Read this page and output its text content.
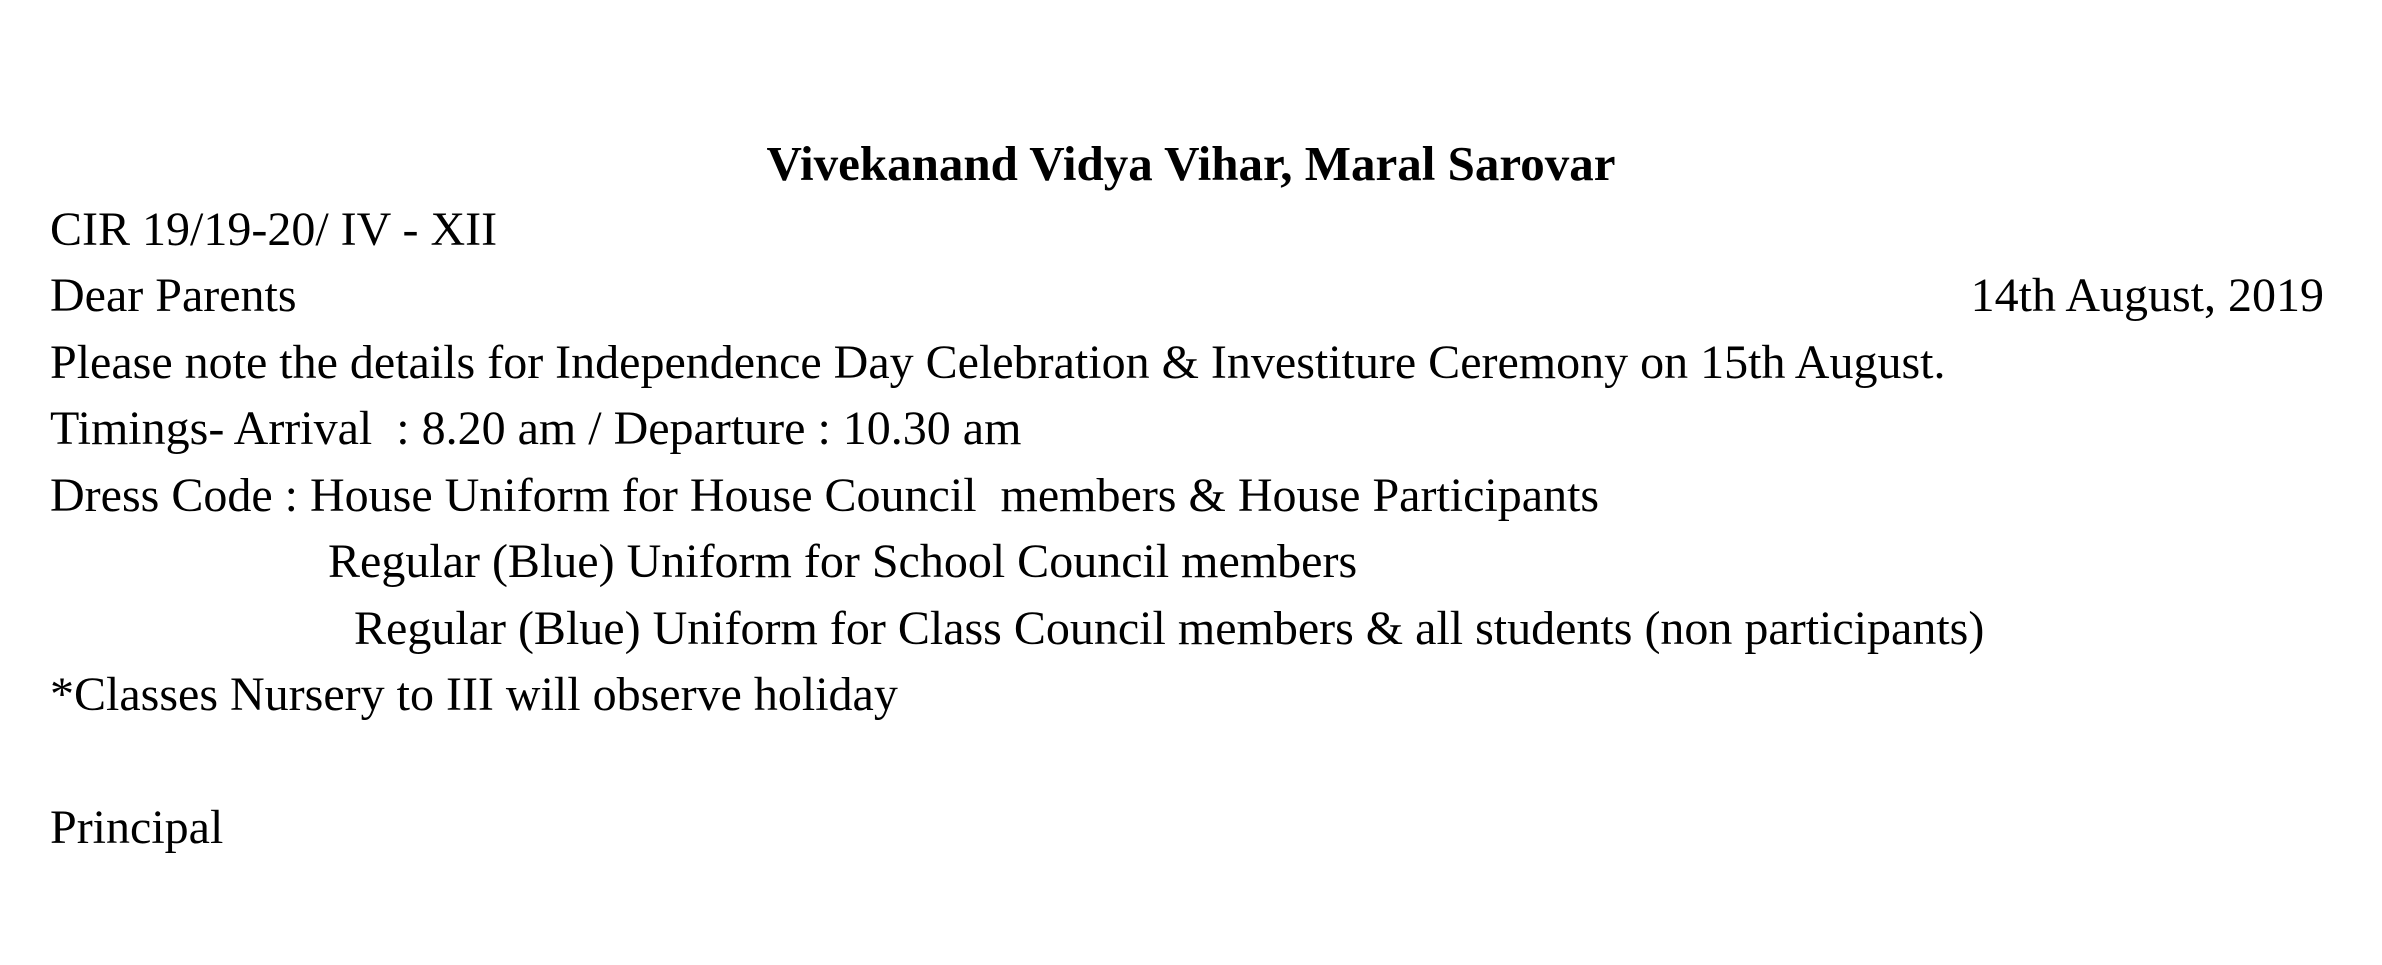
Vivekanand Vidya Vihar, Maral Sarovar

CIR 19/19-20/ IV - XII

Dear Parents	14th August, 2019

Please note the details for Independence Day Celebration & Investiture Ceremony on 15th August.

Timings- Arrival  : 8.20 am / Departure : 10.30 am

Dress Code : House Uniform for House Council  members & House Participants

Regular (Blue) Uniform for School Council members

Regular (Blue) Uniform for Class Council members & all students (non participants)

*Classes Nursery to III will observe holiday

Principal
